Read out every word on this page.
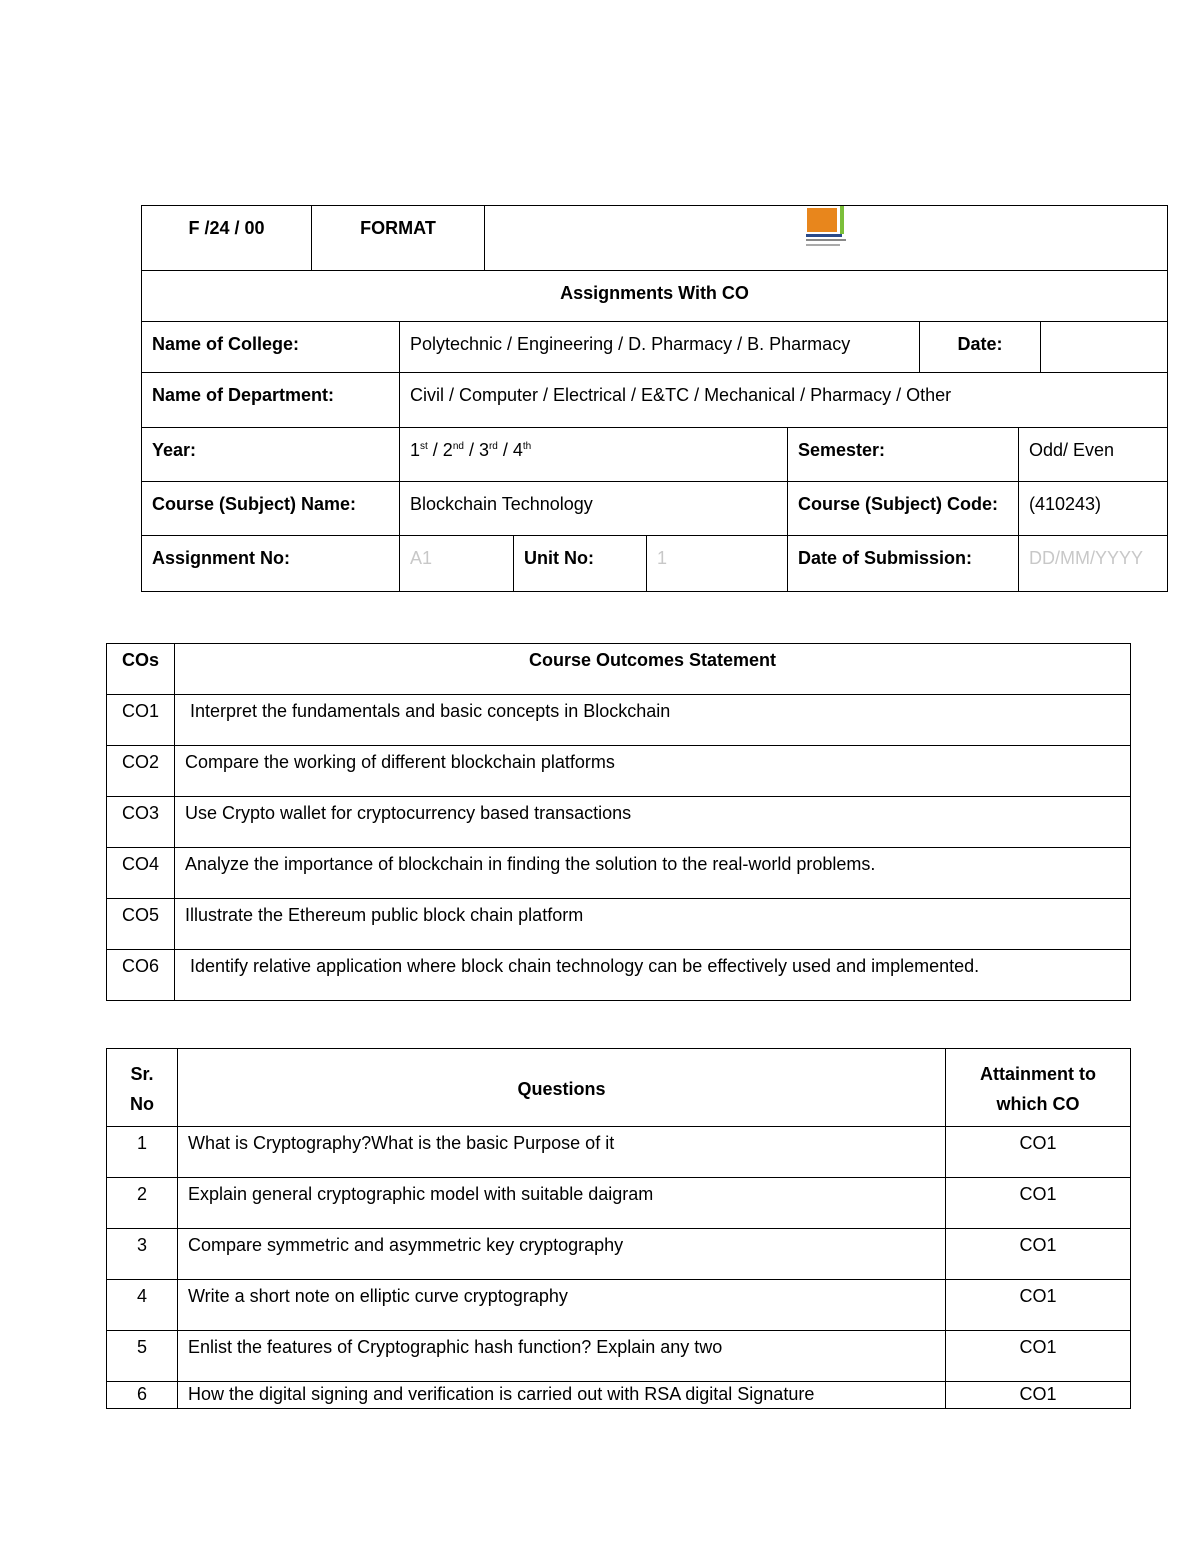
F /24 / 00	FORMAT								

Assignments With CO									
Name of College:		Polytechnic / Engineering / D. Pharmacy / B. Pharmacy					Date:		
Name of Department:		Civil / Computer / Electrical / E&TC / Mechanical / Pharmacy / Other							
Year:		1st / 2nd / 3rd / 4th				Semester:		Odd/ Even	
Course (Subject) Name:		Blockchain Technology				Course (Subject) Code:		(410243)	
Assignment No:		A1		Unit No:	1	Date of Submission:		DD/MM/YYYY	
COs	Course Outcomes Statement
CO1	Interpret the fundamentals and basic concepts in Blockchain
CO2	Compare the working of different blockchain platforms
CO3	Use Crypto wallet for cryptocurrency based transactions
CO4	Analyze the importance of blockchain in finding the solution to the real-world problems.
CO5	Illustrate the Ethereum public block chain platform
CO6	Identify relative application where block chain technology can be effectively used and implemented.
Sr.
No	Questions	Attainment to
which CO
1	What is Cryptography?What is the basic Purpose of it	CO1
2	Explain general cryptographic model with suitable daigram	CO1
3	Compare symmetric and asymmetric key cryptography	CO1
4	Write a short note on elliptic curve cryptography	CO1
5	Enlist the features of Cryptographic hash function? Explain any two	CO1
6	How the digital signing and verification is carried out with RSA digital Signature	CO1
